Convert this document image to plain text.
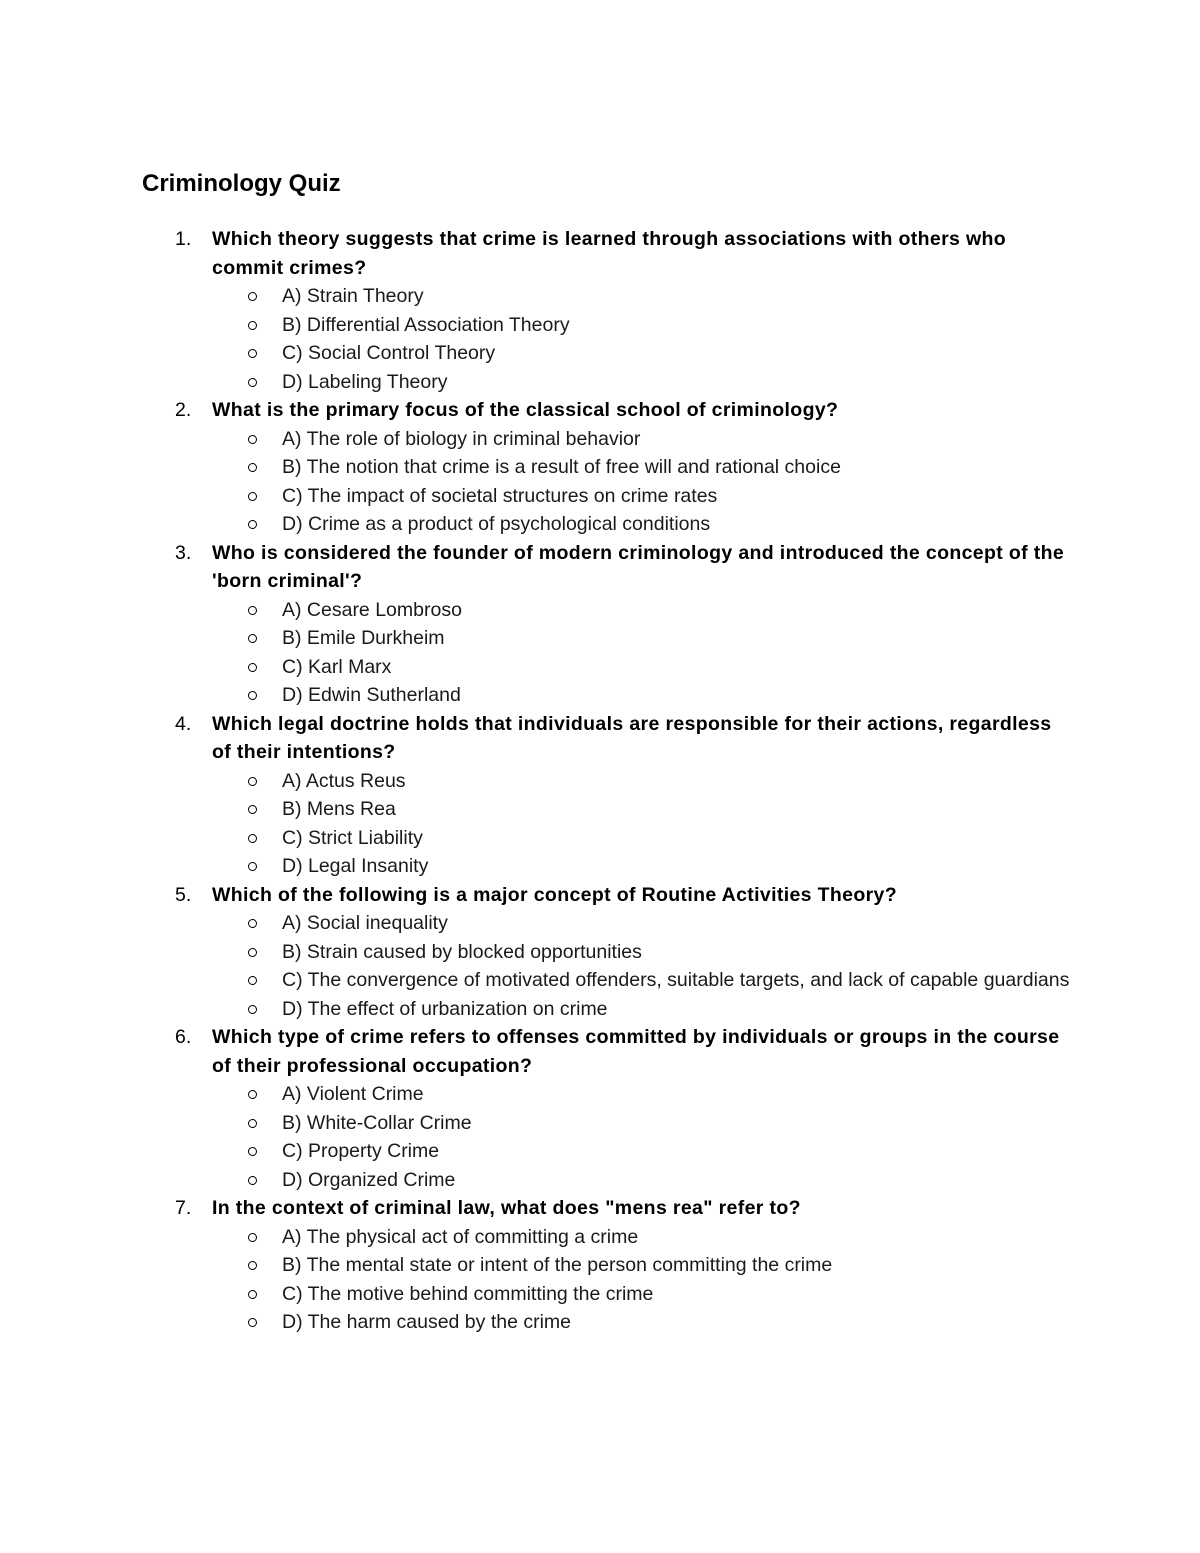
Criminology Quiz
1. Which theory suggests that crime is learned through associations with others who commit crimes?
A) Strain Theory
B) Differential Association Theory
C) Social Control Theory
D) Labeling Theory
2. What is the primary focus of the classical school of criminology?
A) The role of biology in criminal behavior
B) The notion that crime is a result of free will and rational choice
C) The impact of societal structures on crime rates
D) Crime as a product of psychological conditions
3. Who is considered the founder of modern criminology and introduced the concept of the 'born criminal'?
A) Cesare Lombroso
B) Emile Durkheim
C) Karl Marx
D) Edwin Sutherland
4. Which legal doctrine holds that individuals are responsible for their actions, regardless of their intentions?
A) Actus Reus
B) Mens Rea
C) Strict Liability
D) Legal Insanity
5. Which of the following is a major concept of Routine Activities Theory?
A) Social inequality
B) Strain caused by blocked opportunities
C) The convergence of motivated offenders, suitable targets, and lack of capable guardians
D) The effect of urbanization on crime
6. Which type of crime refers to offenses committed by individuals or groups in the course of their professional occupation?
A) Violent Crime
B) White-Collar Crime
C) Property Crime
D) Organized Crime
7. In the context of criminal law, what does "mens rea" refer to?
A) The physical act of committing a crime
B) The mental state or intent of the person committing the crime
C) The motive behind committing the crime
D) The harm caused by the crime
